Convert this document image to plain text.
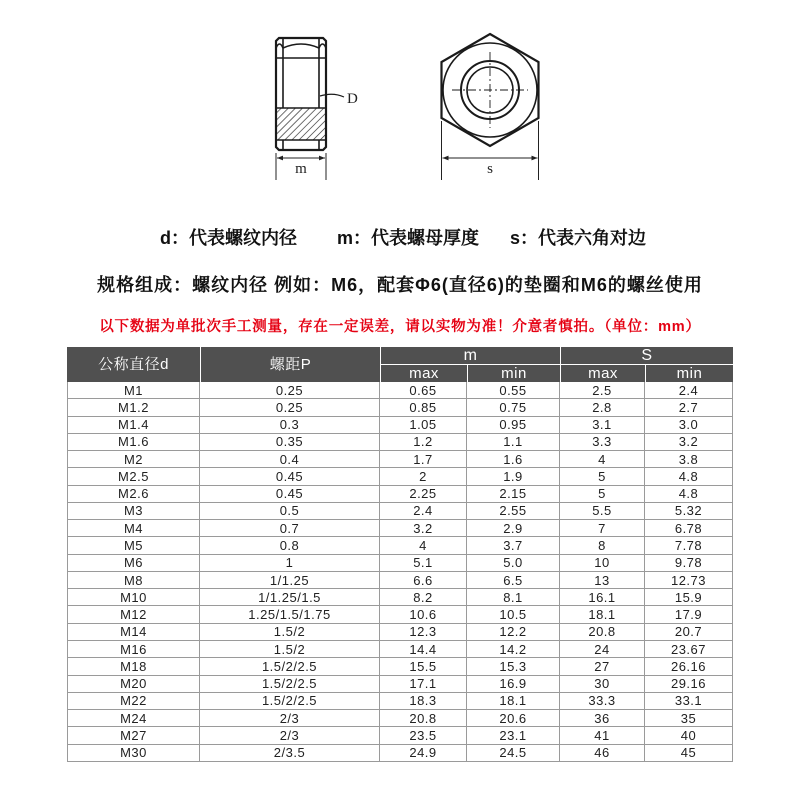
D
m	s
d：代表螺纹内径 m：代表螺母厚度 s：代表六角对边
规格组成：螺纹内径 例如：M6，配套Φ6(直径6)的垫圈和M6的螺丝使用
以下数据为单批次手工测量，存在一定误差，请以实物为准！介意者慎拍。（单位：mm）
公称直径d	螺距P
m	S
max	min	max	min
M1	0.25	0.65	0.55	2.5	2.4
M1.2	0.25	0.85	0.75	2.8	2.7
M1.4	0.3	1.05	0.95	3.1	3.0
M1.6	0.35	1.2	1.1	3.3	3.2
M2	0.4	1.7	1.6	4	3.8
M2.5	0.45	2	1.9	5	4.8
M2.6	0.45	2.25	2.15	5	4.8
M3	0.5	2.4	2.55	5.5	5.32
M4	0.7	3.2	2.9	7	6.78
M5	0.8	4	3.7	8	7.78
M6	1	5.1	5.0	10	9.78
M8	1/1.25	6.6	6.5	13	12.73
M10	1/1.25/1.5	8.2	8.1	16.1	15.9
M12	1.25/1.5/1.75	10.6	10.5	18.1	17.9
M14	1.5/2	12.3	12.2	20.8	20.7
M16	1.5/2	14.4	14.2	24	23.67
M18	1.5/2/2.5	15.5	15.3	27	26.16
M20	1.5/2/2.5	17.1	16.9	30	29.16
M22	1.5/2/2.5	18.3	18.1	33.3	33.1
M24	2/3	20.8	20.6	36	35
M27	2/3	23.5	23.1	41	40
M30	2/3.5	24.9	24.5	46	45
